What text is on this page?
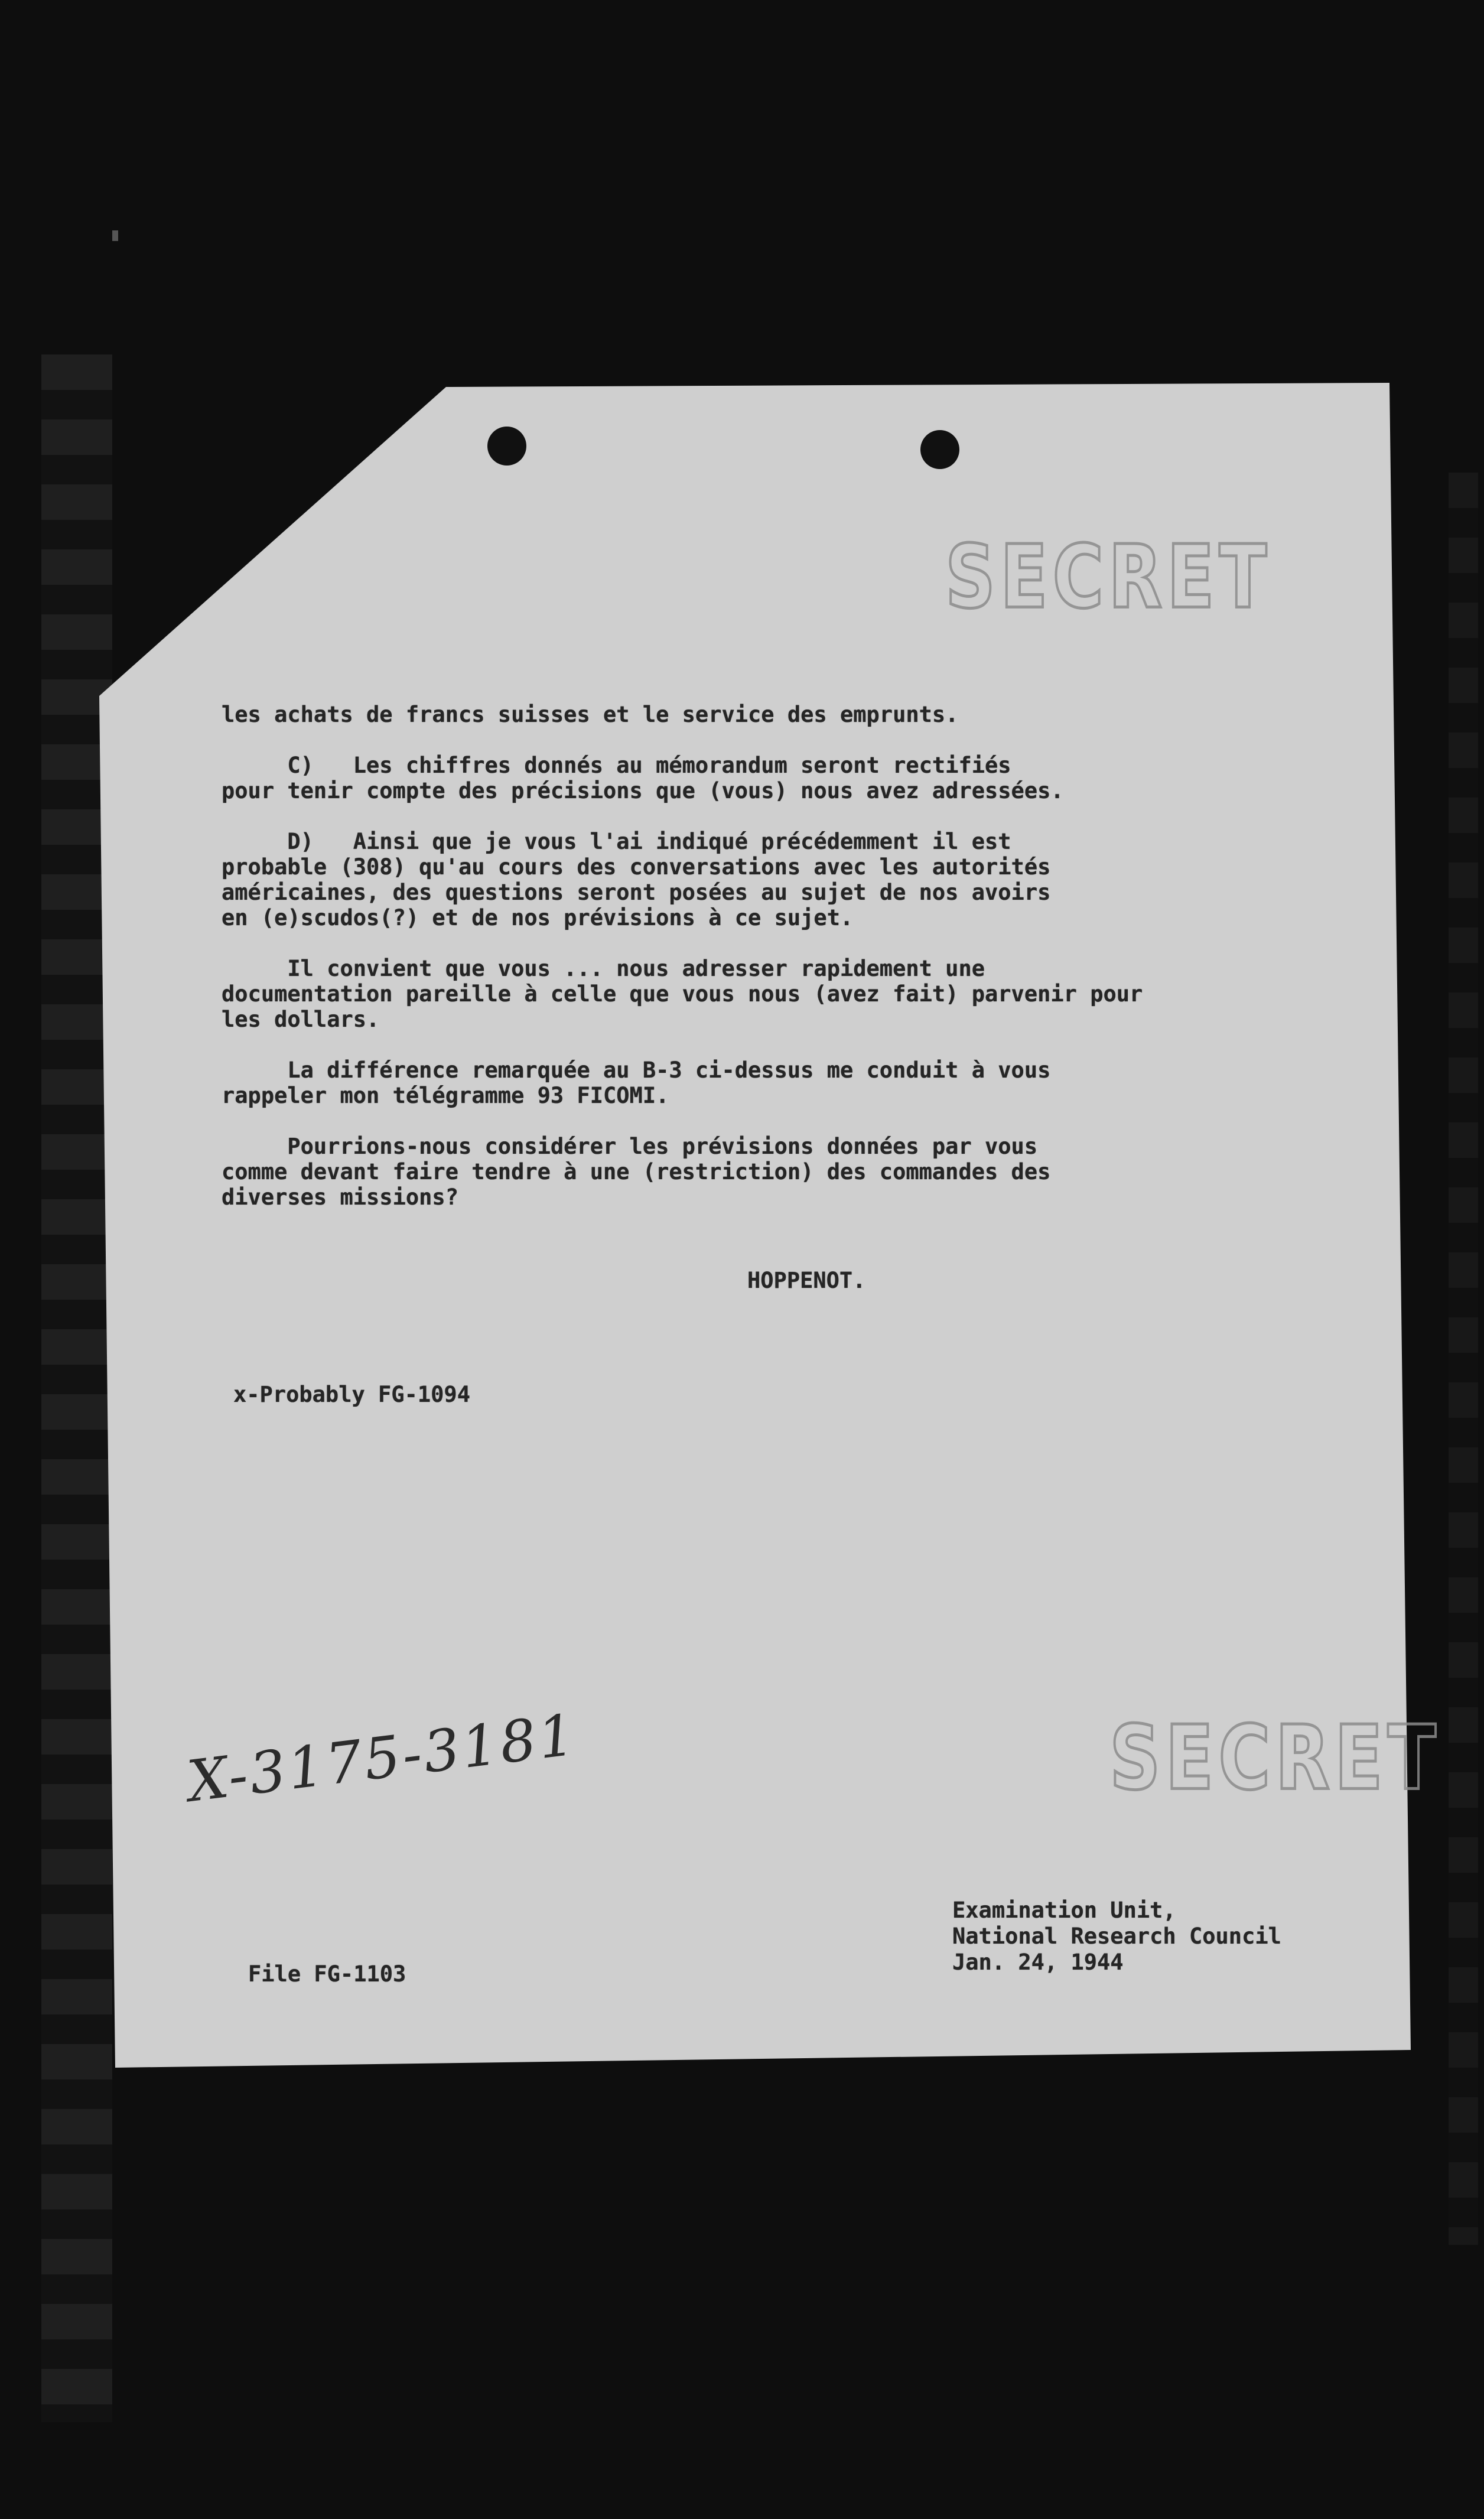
SECRET
les achats de francs suisses et le service des emprunts.
C)   Les chiffres donnés au mémorandum seront rectifiés
pour tenir compte des précisions que (vous) nous avez adressées.
D)   Ainsi que je vous l'ai indiqué précédemment il est
probable (308) qu'au cours des conversations avec les autorités
américaines, des questions seront posées au sujet de nos avoirs
en (e)scudos(?) et de nos prévisions à ce sujet.
Il convient que vous ... nous adresser rapidement une
documentation pareille à celle que vous nous (avez fait) parvenir pour
les dollars.
La différence remarquée au B-3 ci-dessus me conduit à vous
rappeler mon télégramme 93 FICOMI.
Pourrions-nous considérer les prévisions données par vous
comme devant faire tendre à une (restriction) des commandes des
diverses missions?
HOPPENOT.
x-Probably FG-1094
SECRET
X-3175-3181
Examination Unit,
National Research Council
Jan. 24, 1944
File FG-1103
